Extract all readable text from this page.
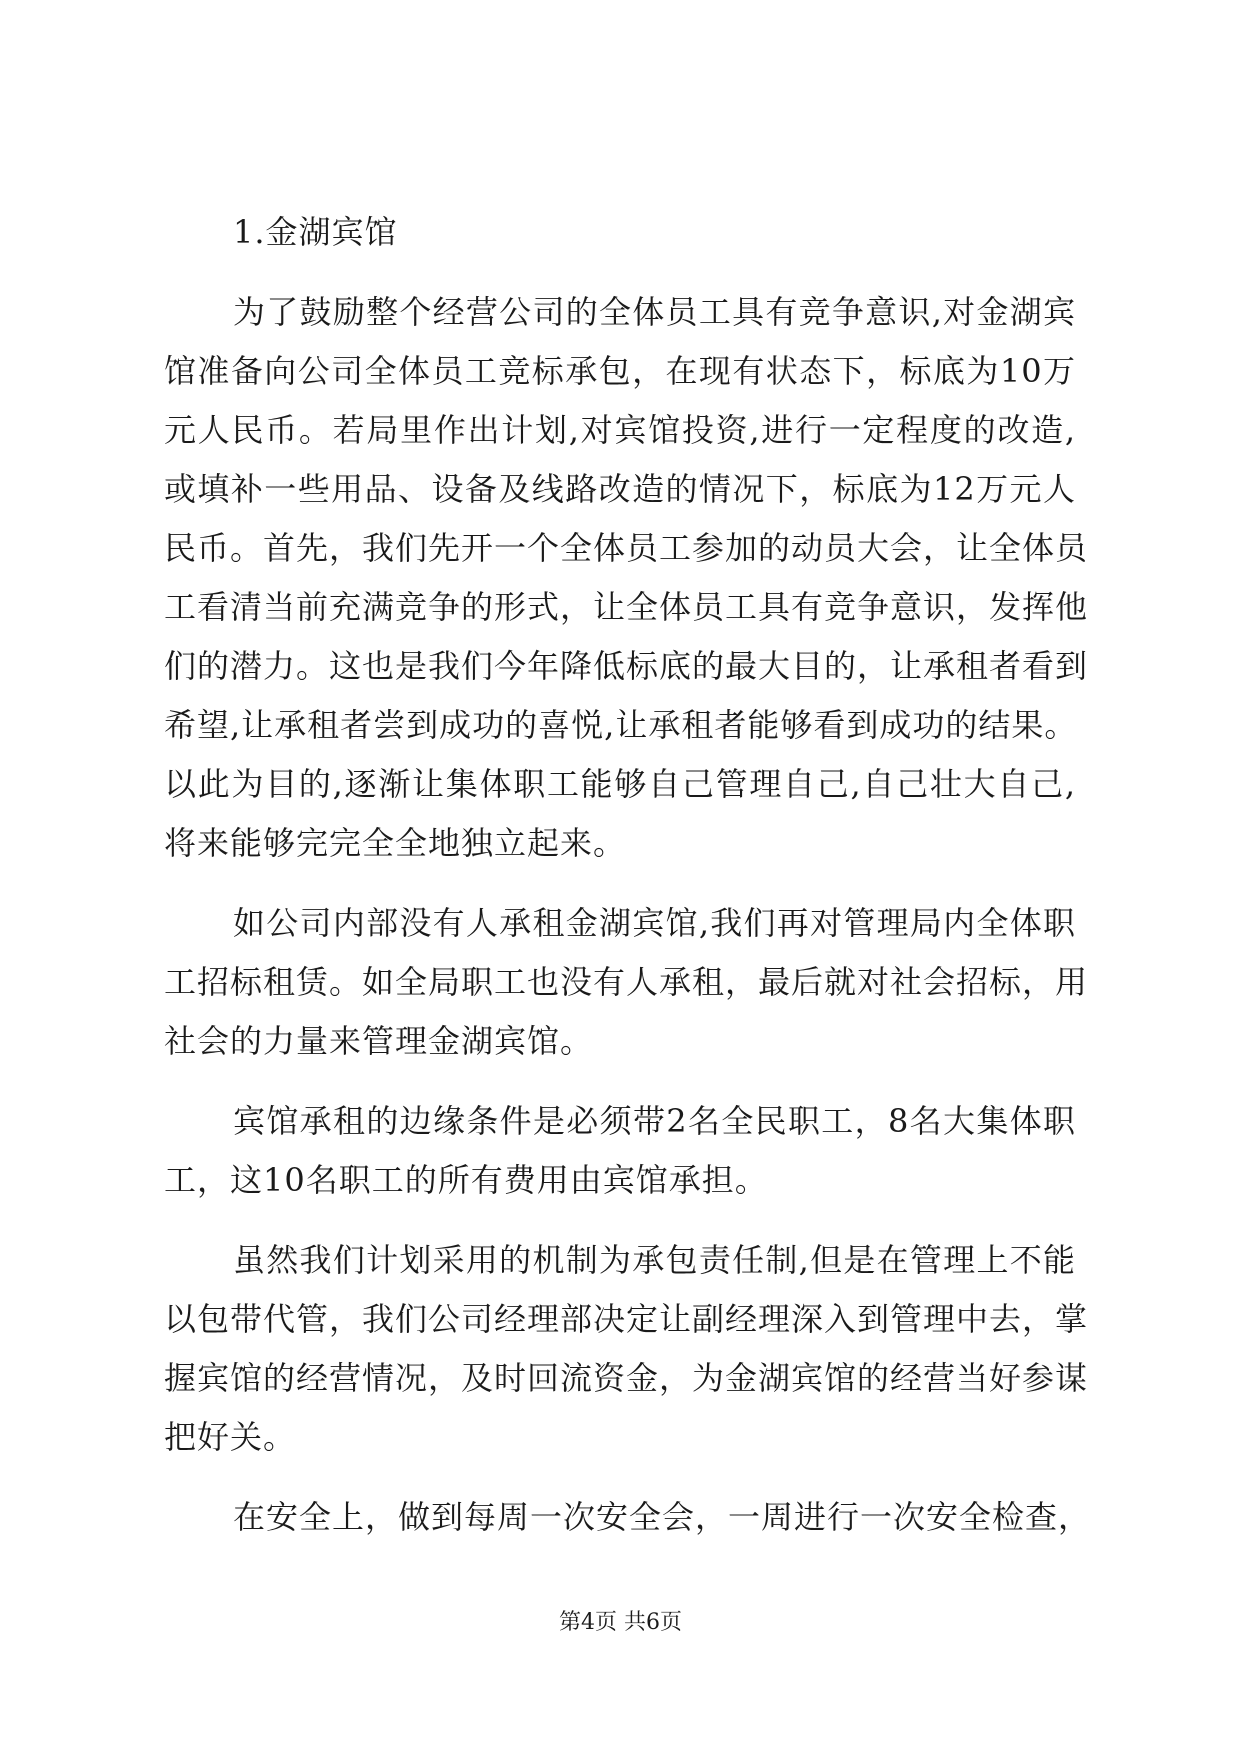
1.金湖宾馆
为了鼓励整个经营公司的全体员工具有竞争意识,对金湖宾
馆准备向公司全体员工竞标承包，在现有状态下，标底为10万
元人民币。若局里作出计划,对宾馆投资,进行一定程度的改造,
或填补一些用品、设备及线路改造的情况下，标底为12万元人
民币。首先，我们先开一个全体员工参加的动员大会，让全体员
工看清当前充满竞争的形式，让全体员工具有竞争意识，发挥他
们的潜力。这也是我们今年降低标底的最大目的，让承租者看到
希望,让承租者尝到成功的喜悦,让承租者能够看到成功的结果。
以此为目的,逐渐让集体职工能够自己管理自己,自己壮大自己,
将来能够完完全全地独立起来。
如公司内部没有人承租金湖宾馆,我们再对管理局内全体职
工招标租赁。如全局职工也没有人承租，最后就对社会招标，用
社会的力量来管理金湖宾馆。
宾馆承租的边缘条件是必须带2名全民职工，8名大集体职
工，这10名职工的所有费用由宾馆承担。
虽然我们计划采用的机制为承包责任制,但是在管理上不能
以包带代管，我们公司经理部决定让副经理深入到管理中去，掌
握宾馆的经营情况，及时回流资金，为金湖宾馆的经营当好参谋
把好关。
在安全上，做到每周一次安全会，一周进行一次安全检查，
第4页 共6页
